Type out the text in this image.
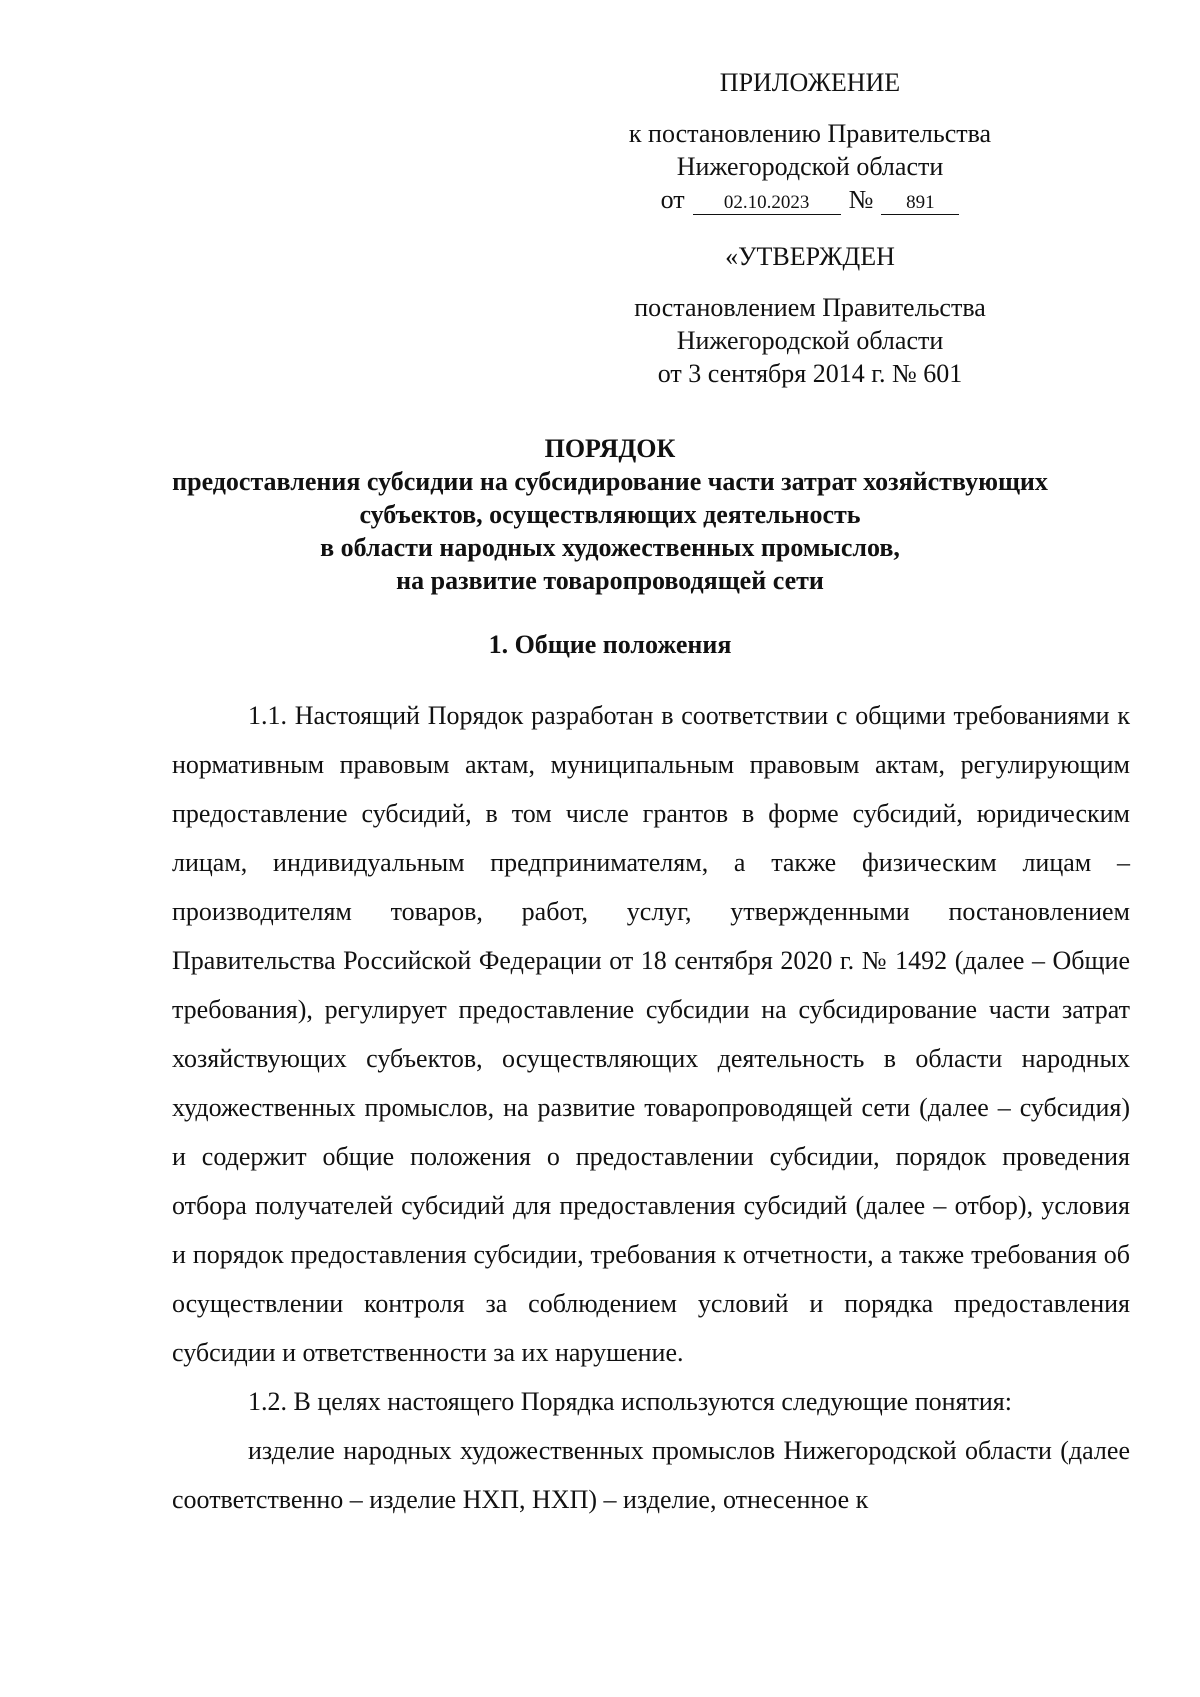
ПРИЛОЖЕНИЕ
к постановлению Правительства
Нижегородской области
от	02.10.2023	№	891
«УТВЕРЖДЕН
постановлением Правительства
Нижегородской области
от 3 сентября 2014 г. № 601
ПОРЯДОК
предоставления субсидии на субсидирование части затрат хозяйствующих
субъектов, осуществляющих деятельность
в области народных художественных промыслов,
на развитие товаропроводящей сети
1. Общие положения

1.1. Настоящий Порядок разработан в соответствии с общими требованиями к нормативным правовым актам, муниципальным правовым актам, регулирующим предоставление субсидий, в том числе грантов в форме субсидий, юридическим лицам, индивидуальным предпринимателям, а также физическим лицам – производителям товаров, работ, услуг, утвержденными постановлением Правительства Российской Федерации от 18 сентября 2020 г. № 1492 (далее – Общие требования), регулирует предоставление субсидии на субсидирование части затрат хозяйствующих субъектов, осуществляющих деятельность в области народных художественных промыслов, на развитие товаропроводящей сети (далее – субсидия) и содержит общие положения о предоставлении субсидии, порядок проведения отбора получателей субсидий для предоставления субсидий (далее – отбор), условия и порядок предоставления субсидии, требования к отчетности, а также требования об осуществлении контроля за соблюдением условий и порядка предоставления субсидии и ответственности за их нарушение.

1.2. В целях настоящего Порядка используются следующие понятия:

изделие народных художественных промыслов Нижегородской области (далее соответственно – изделие НХП, НХП) – изделие, отнесенное к
